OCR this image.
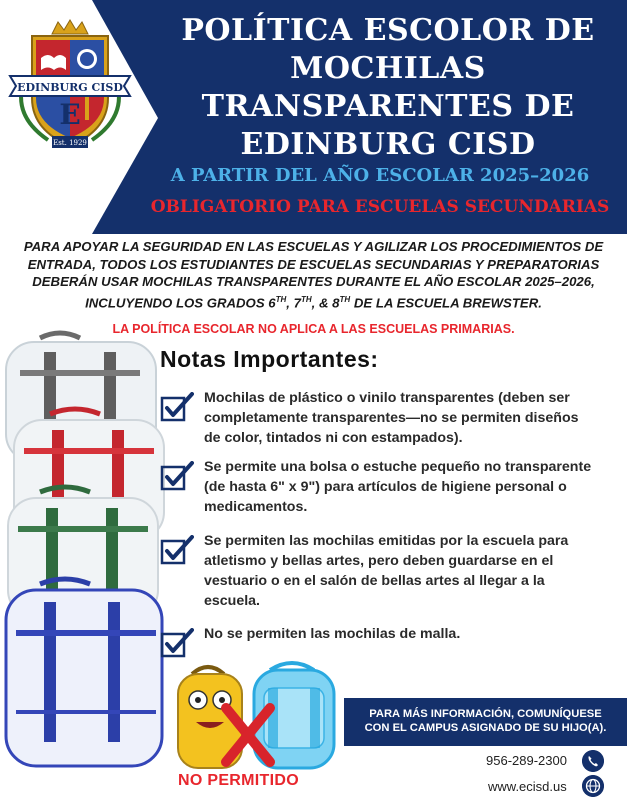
EDINBURG CISD
E
Est. 1929
POLÍTICA ESCOLOR DE
MOCHILAS
TRANSPARENTES DE
EDINBURG CISD
A PARTIR DEL AÑO ESCOLAR 2025–2026
OBLIGATORIO PARA ESCUELAS SECUNDARIAS
PARA APOYAR LA SEGURIDAD EN LAS ESCUELAS Y AGILIZAR LOS PROCEDIMIENTOS DE
ENTRADA, TODOS LOS ESTUDIANTES DE ESCUELAS SECUNDARIAS Y PREPARATORIAS
DEBERÁN USAR MOCHILAS TRANSPARENTES DURANTE EL AÑO ESCOLAR 2025–2026,
INCLUYENDO LOS GRADOS 6TH, 7TH, & 8TH DE LA ESCUELA BREWSTER.
LA POLÍTICA ESCOLAR NO APLICA A LAS ESCUELAS PRIMARIAS.
Notas Importantes:
Mochilas de plástico o vinilo transparentes (deben ser
completamente transparentes—no se permiten diseños
de color, tintados ni con estampados).
Se permite una bolsa o estuche pequeño no transparente
(de hasta 6" x 9") para artículos de higiene personal o
medicamentos.
Se permiten las mochilas emitidas por la escuela para
atletismo y bellas artes, pero deben guardarse en el
vestuario o en el salón de bellas artes al llegar a la
escuela.
No se permiten las mochilas de malla.
NO PERMITIDO
PARA MÁS INFORMACIÓN, COMUNÍQUESE
CON EL CAMPUS ASIGNADO DE SU HIJO(A).
956-289-2300
www.ecisd.us
